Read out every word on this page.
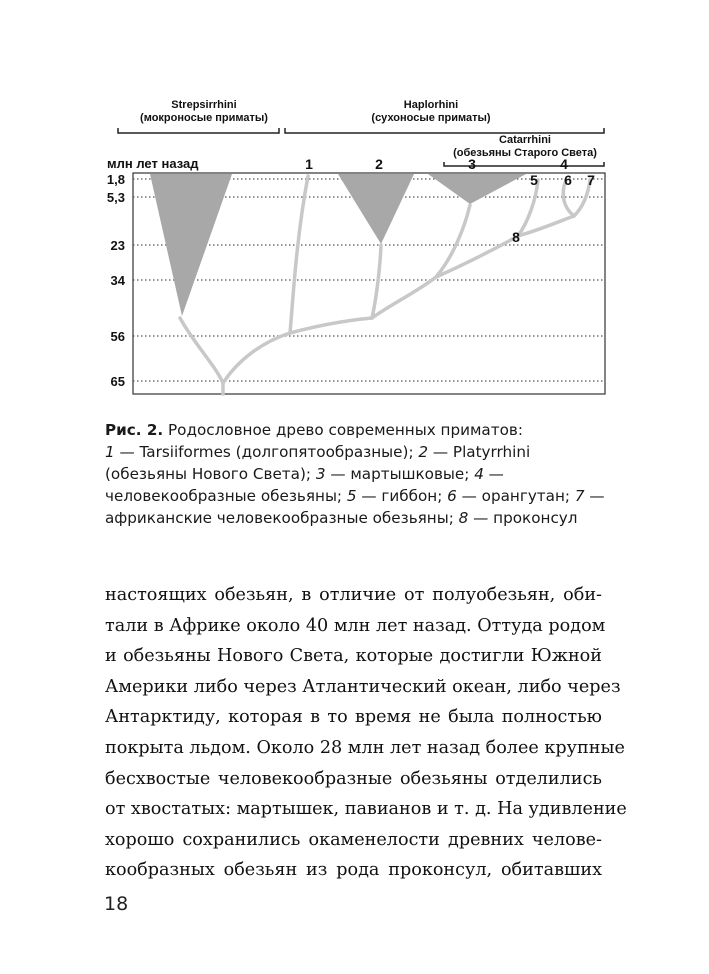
Strepsirrhini
(мокроносые приматы)
Haplorhini
(сухоносые приматы)
Catarrhini
(обезьяны Старого Света)
млн лет назад
1,8
5,3
23
34
56
65
1	2	3	4
5 6 7
8
Рис. 2. Родословное древо современных приматов:
1 — Tarsiiformes (долгопятообразные); 2 — Platyrrhini (обезьяны Нового Света); 3 — мартышковые; 4 — человекообразные обезьяны; 5 — гиббон; 6 — орангутан; 7 — африканские человекообразные обезьяны; 8 — проконсул
настоящих обезьян, в отличие от полуобезьян, оби-
тали в Африке около 40 млн лет назад. Оттуда родом
и обезьяны Нового Света, которые достигли Южной
Америки либо через Атлантический океан, либо через
Антарктиду, которая в то время не была полностью
покрыта льдом. Около 28 млн лет назад более крупные
бесхвостые человекообразные обезьяны отделились
от хвостатых: мартышек, павианов и т. д. На удивление
хорошо сохранились окаменелости древних челове-
кообразных обезьян из рода проконсул, обитавших
18
